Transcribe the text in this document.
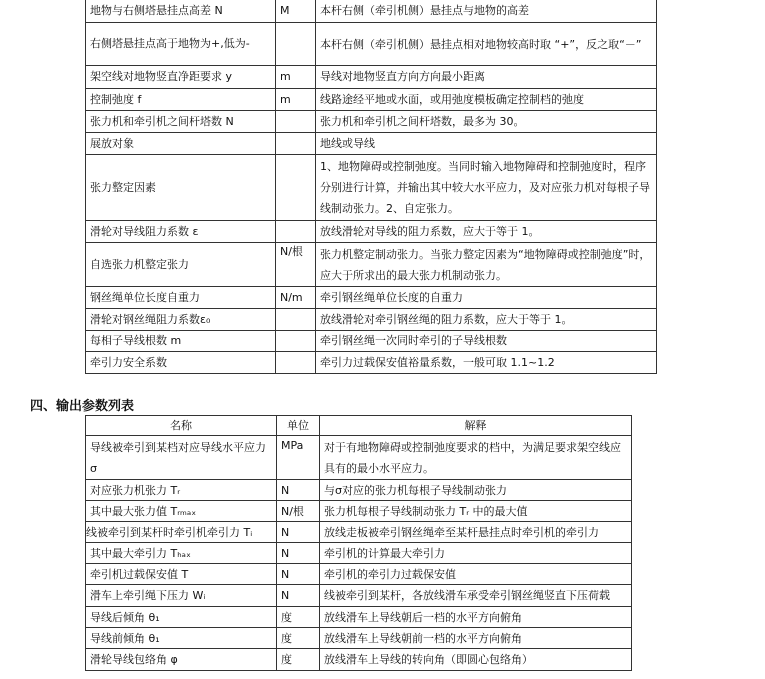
地物与右侧塔悬挂点高差 N	M	本杆右侧（牵引机侧）悬挂点与地物的高差
右侧塔悬挂点高于地物为+,低为-		本杆右侧（牵引机侧）悬挂点相对地物较高时取 “+”，反之取“－”
架空线对地物竖直净距要求 y	m	导线对地物竖直方向方向最小距离
控制弛度 f	m	线路途经平地或水面，或用弛度模板确定控制档的弛度
张力机和牵引机之间杆塔数 N		张力机和牵引机之间杆塔数，最多为 30。
展放对象		地线或导线
张力整定因素		1、地物障碍或控制弛度。当同时输入地物障碍和控制弛度时，程序分别进行计算，并输出其中较大水平应力，及对应张力机对每根子导线制动张力。2、自定张力。
滑轮对导线阻力系数 ε		放线滑轮对导线的阻力系数，应大于等于 1。
自选张力机整定张力	N/根	张力机整定制动张力。当张力整定因素为“地物障碍或控制弛度”时，应大于所求出的最大张力机制动张力。
钢丝绳单位长度自重力	N/m	牵引钢丝绳单位长度的自重力
滑轮对钢丝绳阻力系数ε₀		放线滑轮对牵引钢丝绳的阻力系数，应大于等于 1。
每相子导线根数 m		牵引钢丝绳一次同时牵引的子导线根数
牵引力安全系数		牵引力过载保安值裕量系数，一般可取 1.1~1.2
四、输出参数列表
名称	单位	解释
导线被牵引到某档对应导线水平应力 σ	MPa	对于有地物障碍或控制弛度要求的档中，为满足要求架空线应具有的最小水平应力。
对应张力机张力 Tᵣ	N	与σ对应的张力机每根子导线制动张力
其中最大张力值 Tᵣₘₐₓ	N/根	张力机每根子导线制动张力 Tᵣ 中的最大值
线被牵引到某杆时牵引机牵引力 Tᵢ	N	放线走板被牵引钢丝绳牵至某杆悬挂点时牵引机的牵引力
其中最大牵引力 Tₕₐₓ	N	牵引机的计算最大牵引力
牵引机过载保安值 T	N	牵引机的牵引力过载保安值
滑车上牵引绳下压力 Wᵢ	N	线被牵引到某杆，各放线滑车承受牵引钢丝绳竖直下压荷载
导线后倾角 θ₁	度	放线滑车上导线朝后一档的水平方向俯角
导线前倾角 θ₁	度	放线滑车上导线朝前一档的水平方向俯角
滑轮导线包络角 φ	度	放线滑车上导线的转向角（即圆心包络角）
